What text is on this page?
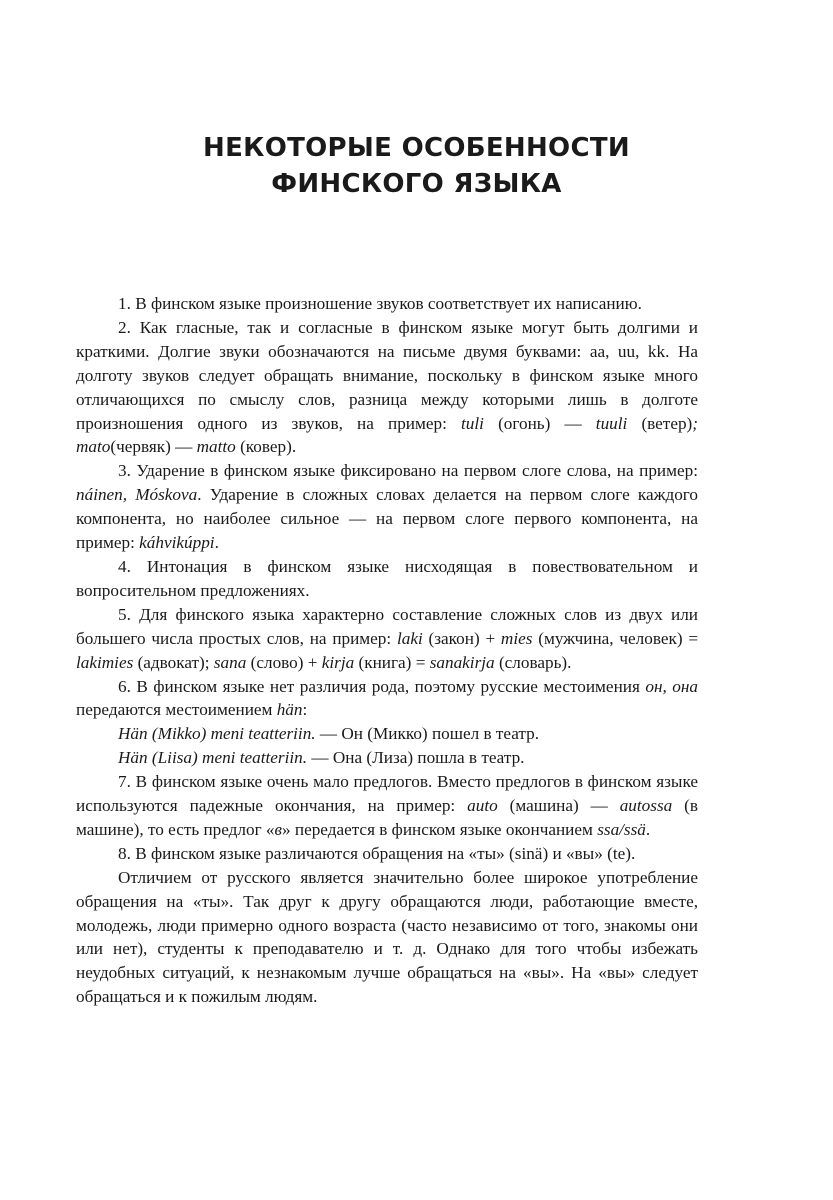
НЕКОТОРЫЕ ОСОБЕННОСТИ
ФИНСКОГО ЯЗЫКА

1. В финском языке произношение звуков соответствует их написанию.

2. Как гласные, так и согласные в финском языке могут быть долгими и краткими. Долгие звуки обозначаются на письме двумя буквами: aa, uu, kk. На долготу звуков следует обращать внимание, поскольку в финском языке много отличающихся по смыслу слов, разница между которыми лишь в долготе произношения одного из звуков, на пример: tuli (огонь) — tuuli (ветер); mato(червяк) — matto (ковер).

3. Ударение в финском языке фиксировано на первом слоге слова, на пример: náinen, Móskova. Ударение в сложных словах делается на первом слоге каждого компонента, но наиболее сильное — на первом слоге первого компонента, на пример: káhvikúppi.

4. Интонация в финском языке нисходящая в повествовательном и вопросительном предложениях.

5. Для финского языка характерно составление сложных слов из двух или большего числа простых слов, на пример: laki (закон) + mies (мужчина, человек) = lakimies (адвокат); sana (слово) + kirja (книга) = sanakirja (словарь).

6. В финском языке нет различия рода, поэтому русские местоимения он, она передаются местоимением hän:

Hän (Mikko) meni teatteriin. — Он (Микко) пошел в театр.

Hän (Liisa) meni teatteriin. — Она (Лиза) пошла в театр.

7. В финском языке очень мало предлогов. Вместо предлогов в финском языке используются падежные окончания, на пример: auto (машина) — autossa (в машине), то есть предлог «в» передается в финском языке окончанием ssa/ssä.

8. В финском языке различаются обращения на «ты» (sinä) и «вы» (te).

Отличием от русского является значительно более широкое употребление обращения на «ты». Так друг к другу обращаются люди, работающие вместе, молодежь, люди примерно одного возраста (часто независимо от того, знакомы они или нет), студенты к преподавателю и т. д. Однако для того чтобы избежать неудобных ситуаций, к незнакомым лучше обращаться на «вы». На «вы» следует обращаться и к пожилым людям.
